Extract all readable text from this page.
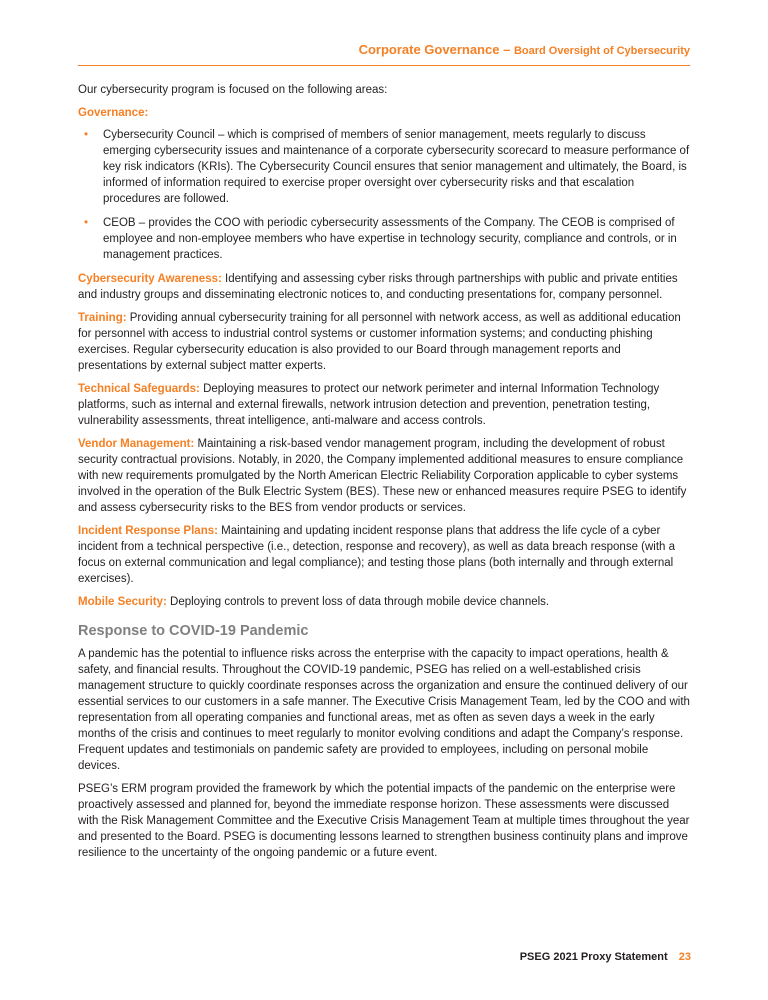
Corporate Governance – Board Oversight of Cybersecurity

Our cybersecurity program is focused on the following areas:

Governance:
• Cybersecurity Council – which is comprised of members of senior management, meets regularly to discuss emerging cybersecurity issues and maintenance of a corporate cybersecurity scorecard to measure performance of key risk indicators (KRIs). The Cybersecurity Council ensures that senior management and ultimately, the Board, is informed of information required to exercise proper oversight over cybersecurity risks and that escalation procedures are followed.
• CEOB – provides the COO with periodic cybersecurity assessments of the Company. The CEOB is comprised of employee and non-employee members who have expertise in technology security, compliance and controls, or in management practices.

Cybersecurity Awareness: Identifying and assessing cyber risks through partnerships with public and private entities and industry groups and disseminating electronic notices to, and conducting presentations for, company personnel.

Training: Providing annual cybersecurity training for all personnel with network access, as well as additional education for personnel with access to industrial control systems or customer information systems; and conducting phishing exercises. Regular cybersecurity education is also provided to our Board through management reports and presentations by external subject matter experts.

Technical Safeguards: Deploying measures to protect our network perimeter and internal Information Technology platforms, such as internal and external firewalls, network intrusion detection and prevention, penetration testing, vulnerability assessments, threat intelligence, anti-malware and access controls.

Vendor Management: Maintaining a risk-based vendor management program, including the development of robust security contractual provisions. Notably, in 2020, the Company implemented additional measures to ensure compliance with new requirements promulgated by the North American Electric Reliability Corporation applicable to cyber systems involved in the operation of the Bulk Electric System (BES). These new or enhanced measures require PSEG to identify and assess cybersecurity risks to the BES from vendor products or services.

Incident Response Plans: Maintaining and updating incident response plans that address the life cycle of a cyber incident from a technical perspective (i.e., detection, response and recovery), as well as data breach response (with a focus on external communication and legal compliance); and testing those plans (both internally and through external exercises).

Mobile Security: Deploying controls to prevent loss of data through mobile device channels.

Response to COVID-19 Pandemic

A pandemic has the potential to influence risks across the enterprise with the capacity to impact operations, health & safety, and financial results. Throughout the COVID-19 pandemic, PSEG has relied on a well-established crisis management structure to quickly coordinate responses across the organization and ensure the continued delivery of our essential services to our customers in a safe manner. The Executive Crisis Management Team, led by the COO and with representation from all operating companies and functional areas, met as often as seven days a week in the early months of the crisis and continues to meet regularly to monitor evolving conditions and adapt the Company’s response. Frequent updates and testimonials on pandemic safety are provided to employees, including on personal mobile devices.

PSEG’s ERM program provided the framework by which the potential impacts of the pandemic on the enterprise were proactively assessed and planned for, beyond the immediate response horizon. These assessments were discussed with the Risk Management Committee and the Executive Crisis Management Team at multiple times throughout the year and presented to the Board. PSEG is documenting lessons learned to strengthen business continuity plans and improve resilience to the uncertainty of the ongoing pandemic or a future event.

PSEG 2021 Proxy Statement 23
